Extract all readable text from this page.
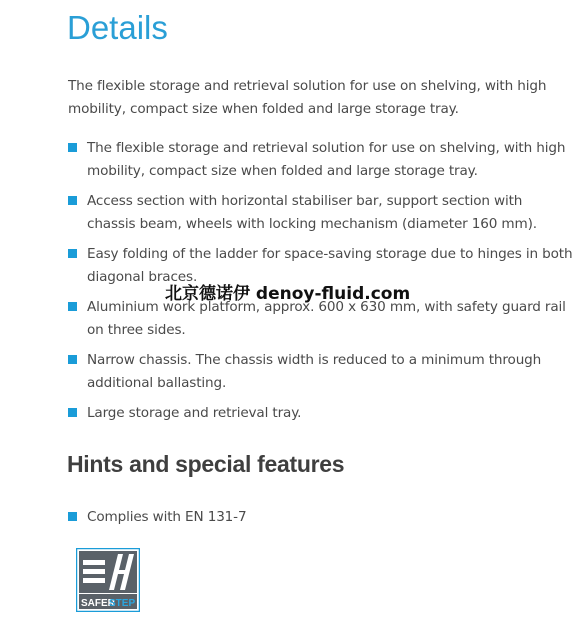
Details

The flexible storage and retrieval solution for use on shelving, with high mobility, compact size when folded and large storage tray.

The flexible storage and retrieval solution for use on shelving, with high mobility, compact size when folded and large storage tray.
Access section with horizontal stabiliser bar, support section with chassis beam, wheels with locking mechanism (diameter 160 mm).
Easy folding of the ladder for space-saving storage due to hinges in both diagonal braces.
Aluminium work platform, approx. 600 x 630 mm, with safety guard rail on three sides.
Narrow chassis. The chassis width is reduced to a minimum through additional ballasting.
Large storage and retrieval tray.
北京德诺伊 denoy-fluid.com
Hints and special features
Complies with EN 131-7
SAFER
STEP
